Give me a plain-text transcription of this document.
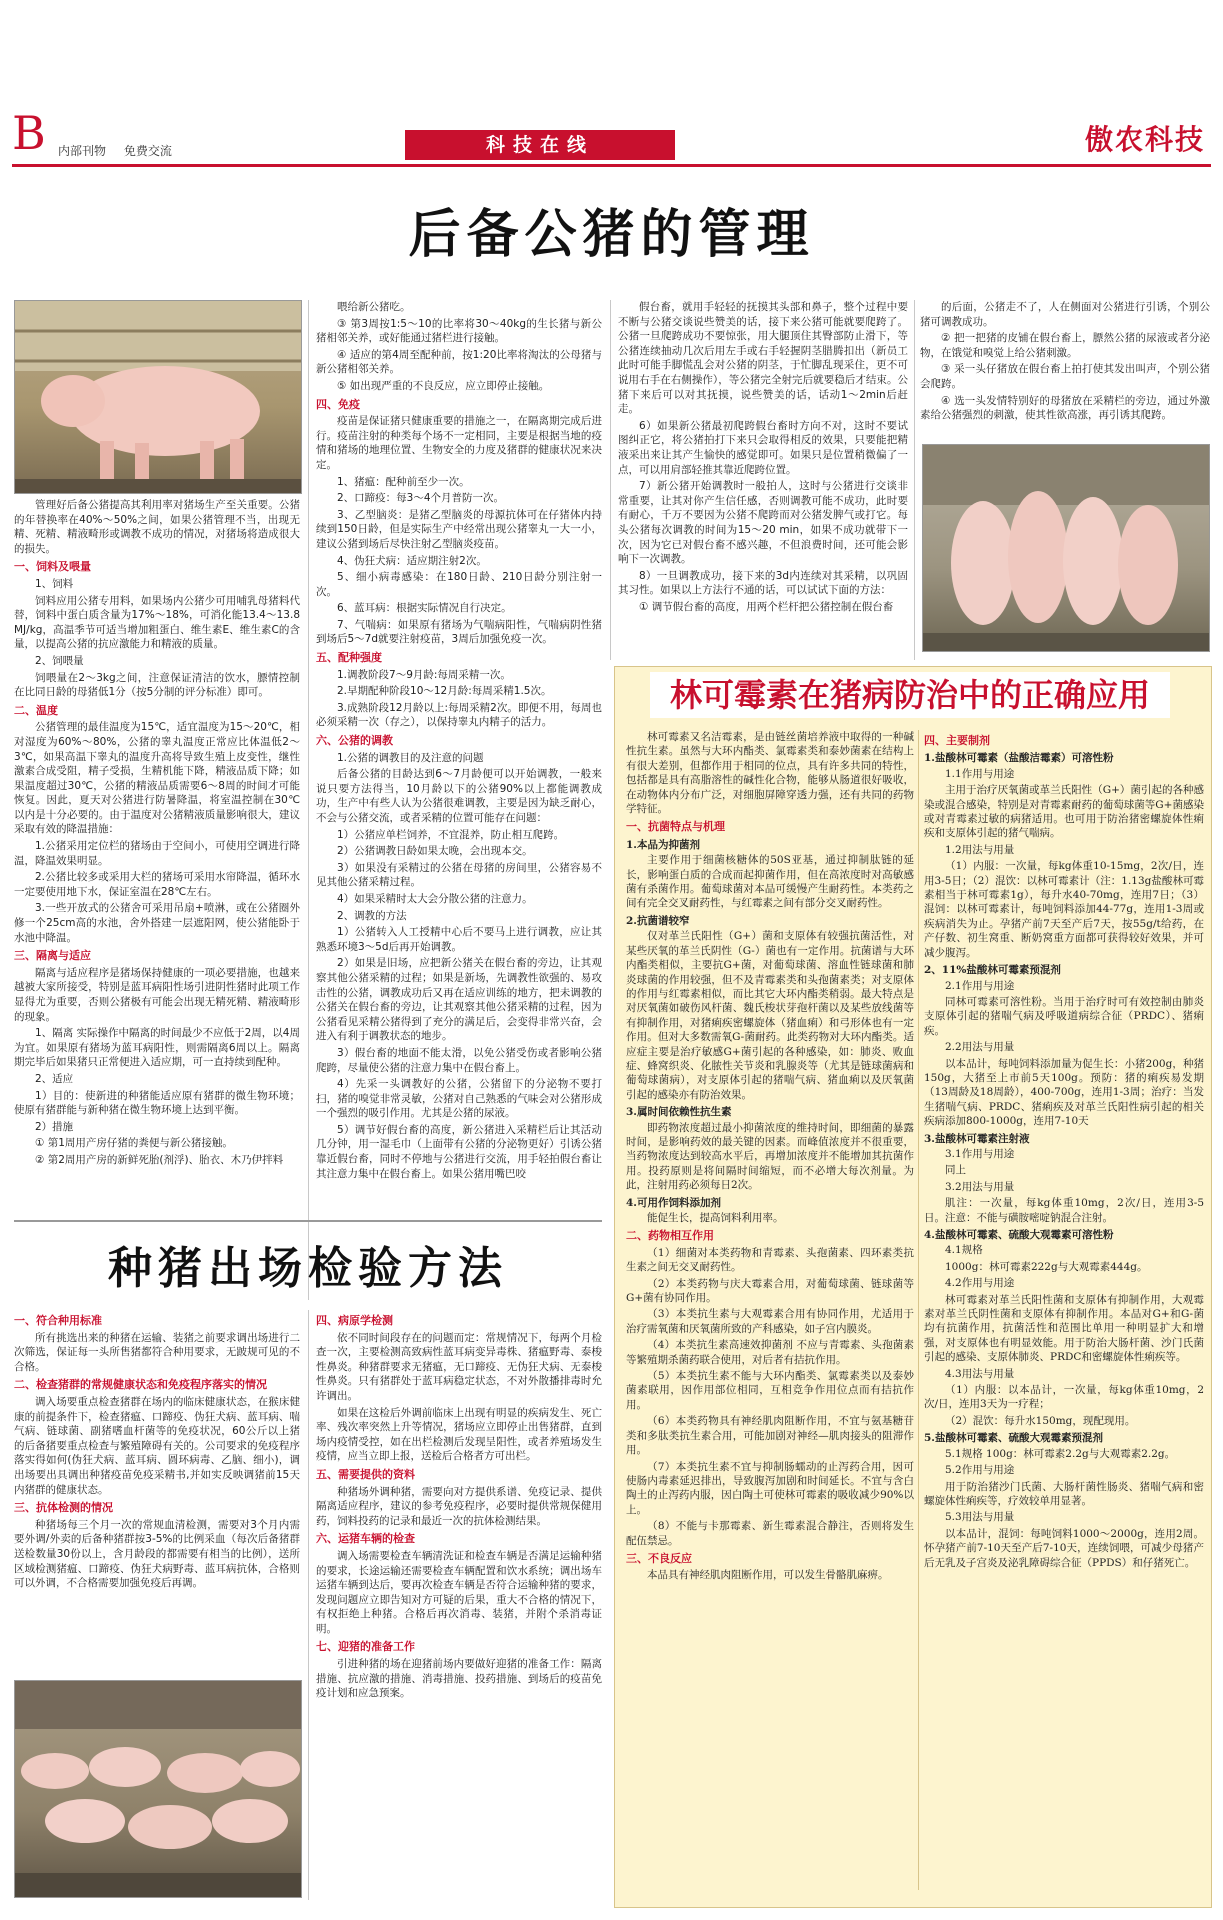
B 内部刊物 免费交流	科技在线	傲农科技
后备公猪的管理

管理好后备公猪提高其利用率对猪场生产至关重要。公猪的年替换率在40%～50%之间，如果公猪管理不当，出现无精、死精、精液畸形或调教不成功的情况，对猪场将造成很大的损失。

一、饲料及喂量

1、饲料

饲料应用公猪专用料，如果场内公猪少可用哺乳母猪料代替，饲料中蛋白质含量为17%～18%，可消化能13.4～13.8 MJ/kg，高温季节可适当增加粗蛋白、维生素E、维生素C的含量，以提高公猪的抗应激能力和精液的质量。

2、饲喂量

饲喂量在2～3kg之间，注意保证清洁的饮水，膘情控制在比同日龄的母猪低1分（按5分制的评分标准）即可。

二、温度

公猪管理的最佳温度为15℃，适宜温度为15～20℃，相对湿度为60%～80%，公猪的睾丸温度正常应比体温低2～3℃，如果高温下睾丸的温度升高将导致生殖上皮变性，继性激素合成受阻，精子受损，生精机能下降，精液品质下降；如果温度超过30℃，公猪的精液品质需要6～8周的时间才可能恢复。因此，夏天对公猪进行防暑降温，将室温控制在30℃以内是十分必要的。由于温度对公猪精液质量影响很大，建议采取有效的降温措施：

1.公猪采用定位栏的猪场由于空间小，可使用空调进行降温，降温效果明显。

2.公猪比较多或采用大栏的猪场可采用水帘降温，循环水一定要使用地下水，保证室温在28℃左右。

3.一些开放式的公猪舍可采用吊扇+喷淋，或在公猪圈外修一个25cm高的水池，舍外搭建一层遮阳网，使公猪能卧于水池中降温。

三、隔离与适应

隔离与适应程序是猪场保持健康的一项必要措施，也越来越被大家所接受，特别是蓝耳病阳性场引进阴性猪时此项工作显得尤为重要，否则公猪极有可能会出现无精死精、精液畸形的现象。

1、隔离 实际操作中隔离的时间最少不应低于2周，以4周为宜。如果原有猪场为蓝耳病阳性，则需隔离6周以上。隔离期完毕后如果猪只正常便进入适应期，可一直持续到配种。

2、适应

1）目的：使新进的种猪能适应原有猪群的微生物环境；使原有猪群能与新种猪在微生物环境上达到平衡。

2）措施

① 第1周用产房仔猪的粪便与新公猪接触。

② 第2周用产房的新鲜死胎(剂浮)、胎衣、木乃伊拌料

喂给新公猪吃。

③ 第3周按1:5～10的比率将30～40kg的生长猪与新公猪相邻关养，或好能通过猪栏进行接触。

④ 适应的第4周至配种前，按1:20比率将淘汰的公母猪与新公猪相邻关养。

⑤ 如出现严重的不良反应，应立即停止接触。

四、免疫

疫苗是保证猪只健康重要的措施之一，在隔离期完成后进行。疫苗注射的种类每个场不一定相同，主要是根据当地的疫情和猪场的地理位置、生物安全的力度及猪群的健康状况来决定。

1、猪瘟：配种前至少一次。

2、口蹄疫：每3～4个月普防一次。

3、乙型脑炎：是猪乙型脑炎的母源抗体可在仔猪体内持续到150日龄，但是实际生产中经常出现公猪睾丸一大一小，建议公猪到场后尽快注射乙型脑炎疫苗。

4、伪狂犬病：适应期注射2次。

5、细小病毒感染：在180日龄、210日龄分别注射一次。

6、蓝耳病：根据实际情况自行决定。

7、气喘病：如果原有猪场为气喘病阳性，气喘病阴性猪到场后5～7d就要注射疫苗，3周后加强免疫一次。

五、配种强度

1.调教阶段7～9月龄:每周采精一次。

2.早期配种阶段10～12月龄:每周采精1.5次。

3.成熟阶段12月龄以上:每周采精2次。即便不用，每周也必须采精一次（存之），以保持睾丸内精子的活力。

六、公猪的调教

1.公猪的调教目的及注意的问题

后备公猪的目龄达到6～7月龄便可以开始调教，一般来说只要方法得当，10月龄以下的公猪90%以上都能调教成功，生产中有些人认为公猪很难调教，主要是因为缺乏耐心，不会与公猪交流，或者采精的位置可能存在问题：

1）公猪应单栏饲养，不宜混养，防止相互爬跨。

2）公猪调教日龄如果太晚，会出现本交。

3）如果没有采精过的公猪在母猪的房间里，公猪容易不见其他公猪采精过程。

4）如果采精时太大会分散公猪的注意力。

2、调教的方法

1）公猪转入人工授精中心后不要马上进行调教，应让其熟悉环境3～5d后再开始调教。

2）如果是旧场，应把新公猪关在假台畜的旁边，让其观察其他公猪采精的过程；如果是新场，先调教性欲强的、易攻击性的公猪，调教成功后又再在适应训练的地方，把未调教的公猪关在假台畜的旁边，让其观察其他公猪采精的过程，因为公猪看见采精公猪得到了充分的满足后，会变得非常兴奋，会进入有利于调教状态的地步。

3）假台畜的地面不能太滑，以免公猪受伤或者影响公猪爬跨，尽量使公猪的注意力集中在假台畜上。

4）先采一头调教好的公猪，公猪留下的分泌物不要打扫，猪的嗅觉非常灵敏，公猪对自己熟悉的气味会对公猪形成一个强烈的吸引作用。尤其是公猪的尿液。

5）调节好假台畜的高度，新公猪进入采精栏后让其活动几分钟，用一湿毛巾（上面带有公猪的分泌物更好）引诱公猪靠近假台畜，同时不停地与公猪进行交流，用手轻拍假台畜让其注意力集中在假台畜上。如果公猪用嘴巴咬

假台畜，就用手轻轻的抚摸其头部和鼻子，整个过程中要不断与公猪交谈说些赞美的话，接下来公猪可能就要爬跨了。公猪一旦爬跨成功不要惊张，用大腿顶住其臀部防止滑下，等公猪连续抽动几次后用左手或右手轻握阴茎腊腾扣出（新员工此时可能手脚慌乱会对公猪的阴茎，于忙脚乱现采住，更不可说用右手在右侧操作），等公猪完全射完后就要稳后才结束。公猪下来后可以对其抚摸，说些赞美的话，话动1～2min后赶走。

6）如果新公猪最初爬跨假台畜时方向不对，这时不要试图纠正它，将公猪拍打下来只会取得相反的效果，只要能把精液采出来让其产生愉快的感觉即可。如果只是位置稍微偏了一点，可以用肩部轻推其靠近爬跨位置。

7）新公猪开始调教时一般拍人，这时与公猪进行交谈非常重要，让其对你产生信任感，否则调教可能不成功，此时要有耐心，千万不要因为公猪不爬跨而对公猪发脾气或打它。每头公猪每次调教的时间为15～20 min，如果不成功就带下一次，因为它已对假台畜不感兴趣，不但浪费时间，还可能会影响下一次调教。

8）一旦调教成功，接下来的3d内连续对其采精，以巩固其习性。如果以上方法行不通的话，可以试试下面的方法：

① 调节假台畜的高度，用两个栏杆把公猪控制在假台畜

的后面，公猪走不了，人在侧面对公猪进行引诱，个别公猪可调教成功。

② 把一把猪的皮铺在假台畜上，膘然公猪的尿液或者分泌物，在饿觉和嗅觉上给公猪刺激。

③ 采一头仔猪放在假台畜上拍打使其发出叫声，个别公猪会爬跨。

④ 选一头发情特别好的母猪放在采精栏的旁边，通过外激素给公猪强烈的刺激，使其性欲高涨，再引诱其爬跨。

林可霉素在猪病防治中的正确应用

林可霉素又名洁霉素，是由链丝菌培养液中取得的一种碱性抗生素。虽然与大环内酯类、氯霉素类和泰妙菌素在结构上有很大差别，但都作用于相同的位点，具有许多共同的特性，包括都是具有高脂溶性的碱性化合物，能够从肠道很好吸收，在动物体内分布广泛，对细胞屏障穿透力强，还有共同的药物学特征。

一、抗菌特点与机理
1.本品为抑菌剂

主要作用于细菌核糖体的50S亚基，通过抑制肽链的延长，影响蛋白质的合成而起抑菌作用，但在高浓度时对高敏感菌有杀菌作用。葡萄球菌对本品可缓慢产生耐药性。本类药之间有完全交叉耐药性，与红霉素之间有部分交叉耐药性。

2.抗菌谱较窄

仅对革兰氏阳性（G+）菌和支原体有较强抗菌活性，对某些厌氧的革兰氏阴性（G-）菌也有一定作用。抗菌谱与大环内酯类相似，主要抗G+菌，对葡萄球菌、溶血性链球菌和肺炎球菌的作用较强，但不及青霉素类和头孢菌素类；对支原体的作用与红霉素相似，而比其它大环内酯类稍弱。最大特点是对厌氧菌如破伤风杆菌、魏氏梭状芽孢杆菌以及某些放线菌等有抑制作用，对猪痢疾密螺旋体（猪血痢）和弓形体也有一定作用。但对大多数需氧G-菌耐药。此类药物对大环内酯类。适应症主要是治疗敏感G+菌引起的各种感染，如：肺炎、败血症、蜂窝织炎、化脓性关节炎和乳腺炎等（尤其是链球菌病和葡萄球菌病），对支原体引起的猪喘气病、猪血痢以及厌氧菌引起的感染亦有防治效果。

3.属时间依赖性抗生素

即药物浓度超过最小抑菌浓度的维持时间，即细菌的暴露时间，是影响药效的最关键的因素。而峰值浓度并不很重要，当药物浓度达到较高水平后，再增加浓度并不能增加其抗菌作用。投药原则是将间隔时间缩短，而不必增大每次剂量。为此，注射用药必须每日2次。

4.可用作饲料添加剂

能促生长，提高饲料利用率。

二、药物相互作用

（1）细菌对本类药物和青霉素、头孢菌素、四环素类抗生素之间无交叉耐药性。

（2）本类药物与庆大霉素合用，对葡萄球菌、链球菌等G+菌有协同作用。

（3）本类抗生素与大观霉素合用有协同作用，尤适用于治疗需氧菌和厌氧菌所致的产科感染，如子宫内膜炎。

（4）本类抗生素高速效抑菌剂 不应与青霉素、头孢菌素等繁殖期杀菌药联合使用，对后者有拮抗作用。

（5）本类抗生素不能与大环内酯类、氯霉素类以及泰妙菌素联用，因作用部位相同，互相竞争作用位点而有拮抗作用。

（6）本类药物具有神经肌肉阻断作用，不宜与氨基糖苷类和多肽类抗生素合用，可能加剧对神经—肌肉接头的阻滞作用。

（7）本类抗生素不宜与抑制肠蠕动的止泻药合用，因可使肠内毒素延迟排出，导致腹泻加剧和时间延长。不宜与含白陶土的止泻药内服，因白陶土可使林可霉素的吸收减少90%以上。

（8）不能与卡那霉素、新生霉素混合静注，否则将发生配伍禁忌。

三、不良反应

本品具有神经肌肉阻断作用，可以发生骨骼肌麻痹。

四、主要制剂
1.盐酸林可霉素（盐酸洁霉素）可溶性粉

1.1作用与用途

主用于治疗厌氧菌或革兰氏阳性（G+）菌引起的各种感染或混合感染，特别是对青霉素耐药的葡萄球菌等G+菌感染或对青霉素过敏的病猪适用。也可用于防治猪密螺旋体性痢疾和支原体引起的猪气喘病。

1.2用法与用量

（1）内服：一次量，每kg体重10-15mg，2次/日，连用3-5日；（2）混饮：以林可霉素计（注：1.13g盐酸林可霉素相当于林可霉素1g），每升水40-70mg，连用7日；（3）混饲：以林可霉素计，每吨饲料添加44-77g，连用1-3周或疾病消失为止。孕猪产前7天至产后7天，按55g/t给药，在产仔数、初生窝重、断奶窝重方面都可获得较好效果，并可减少腹泻。

2、11%盐酸林可霉素预混剂

2.1作用与用途

同林可霉素可溶性粉。当用于治疗时可有效控制由肺炎支原体引起的猪喘气病及呼吸道病综合征（PRDC）、猪痢疾。

2.2用法与用量

以本品计，每吨饲料添加量为促生长：小猪200g，种猪150g，大猪至上市前5天100g。预防：猪的痢疾易发期（13周龄及18周龄），400-700g，连用1-3周；治疗：当发生猪喘气病、PRDC、猪痢疾及对革兰氏阳性病引起的相关疾病添加800-1000g，连用7-10天

3.盐酸林可霉素注射液

3.1作用与用途

同上

3.2用法与用量

肌注：一次量，每kg体重10mg，2次/日，连用3-5日。注意：不能与磺胺嘧啶钠混合注射。

4.盐酸林可霉素、硫酸大观霉素可溶性粉

4.1规格

1000g：林可霉素222g与大观霉素444g。

4.2作用与用途

林可霉素对革兰氏阳性菌和支原体有抑制作用，大观霉素对革兰氏阴性菌和支原体有抑制作用。本品对G+和G-菌均有抗菌作用，抗菌活性和范围比单用一种明显扩大和增强，对支原体也有明显效能。用于防治大肠杆菌、沙门氏菌引起的感染、支原体肺炎、PRDC和密螺旋体性痢疾等。

4.3用法与用量

（1）内服：以本品计，一次量，每kg体重10mg，2次/日，连用3天为一疗程；

（2）混饮：每升水150mg，现配现用。

5.盐酸林可霉素、硫酸大观霉素预混剂

5.1规格 100g：林可霉素2.2g与大观霉素2.2g。

5.2作用与用途

用于防治猪沙门氏菌、大肠杆菌性肠炎、猪喘气病和密螺旋体性痢疾等，疗效较单用显著。

5.3用法与用量

以本品计，混饲：每吨饲料1000～2000g，连用2周。怀孕猪产前7-10天至产后7-10天，连续饲喂，可减少母猪产后无乳及子宫炎及泌乳障碍综合征（PPDS）和仔猪死亡。

种猪出场检验方法
一、符合种用标准

所有挑选出来的种猪在运输、装猪之前要求调出场进行二次筛选，保证每一头所售猪都符合种用要求，无跛规可见的不合格。

二、检查猪群的常规健康状态和免疫程序落实的情况

调入场要重点检查猪群在场内的临床健康状态，在猴床健康的前提条件下，检查猪瘟、口蹄疫、伪狂犬病、蓝耳病、喘气病、链球菌、副猪嗜血杆菌等的免疫状况，60公斤以上猪的后备猪要重点检查与繁殖障碍有关的。公司要求的免疫程序落实得如何(伪狂犬病、蓝耳病、圆环病毒、乙脑、细小)，调出场要出具调出种猪疫苗免疫采精书,并如实反映调猪前15天内猪群的健康状态。

三、抗体检测的情况

种猪场每三个月一次的常规血清检测，需要对3个月内需要外调/外卖的后备种猪群按3-5%的比例采血（每次后备猪群送检数量30份以上，含月龄段的都需要有相当的比例），送所区域检测猪瘟、口蹄疫、伪狂犬病野毒、蓝耳病抗体，合格则可以外调，不合格需要加强免疫后再调。

四、病原学检测

依不同时间段存在的问题而定：常规情况下，每两个月检查一次，主要检测高致病性蓝耳病变异毒株、猪瘟野毒、泰梭性鼻炎。种猪群要求无猪瘟，无口蹄疫、无伪狂犬病、无泰梭性鼻炎。只有猪群处于蓝耳病稳定状态，不对外散播排毒时允许调出。

如果在这检后外调前临床上出现有明显的疾病发生、死亡率、残次率突然上升等情况，猪场应立即停止出售猪群，直到场内疫情受控，如在出栏检测后发现呈阳性，或者养殖场发生疫情，应当立即上报，送检后合格者方可出栏。

五、需要提供的资料

种猪场外调种猪，需要向对方提供系谱、免疫记录、提供隔离适应程序，建议的参考免疫程序，必要时提供常规保健用药，饲料投药的记录和最近一次的抗体检测结果。

六、运猪车辆的检查

调入场需要检查车辆清洗证和检查车辆是否满足运输种猪的要求，长途运输还需要检查车辆配置和饮水系统；调出场车运猪车辆到达后，要再次检查车辆是否符合运输种猪的要求，发现问题应立即告知对方可疑的后果，重大不合格的情况下，有权拒绝上种猪。合格后再次消毒、装猪，并附个杀消毒证明。

七、迎猪的准备工作

引进种猪的场在迎猪前场内要做好迎猪的准备工作：隔离措施、抗应激的措施、消毒措施、投药措施、到场后的疫苗免疫计划和应急预案。
